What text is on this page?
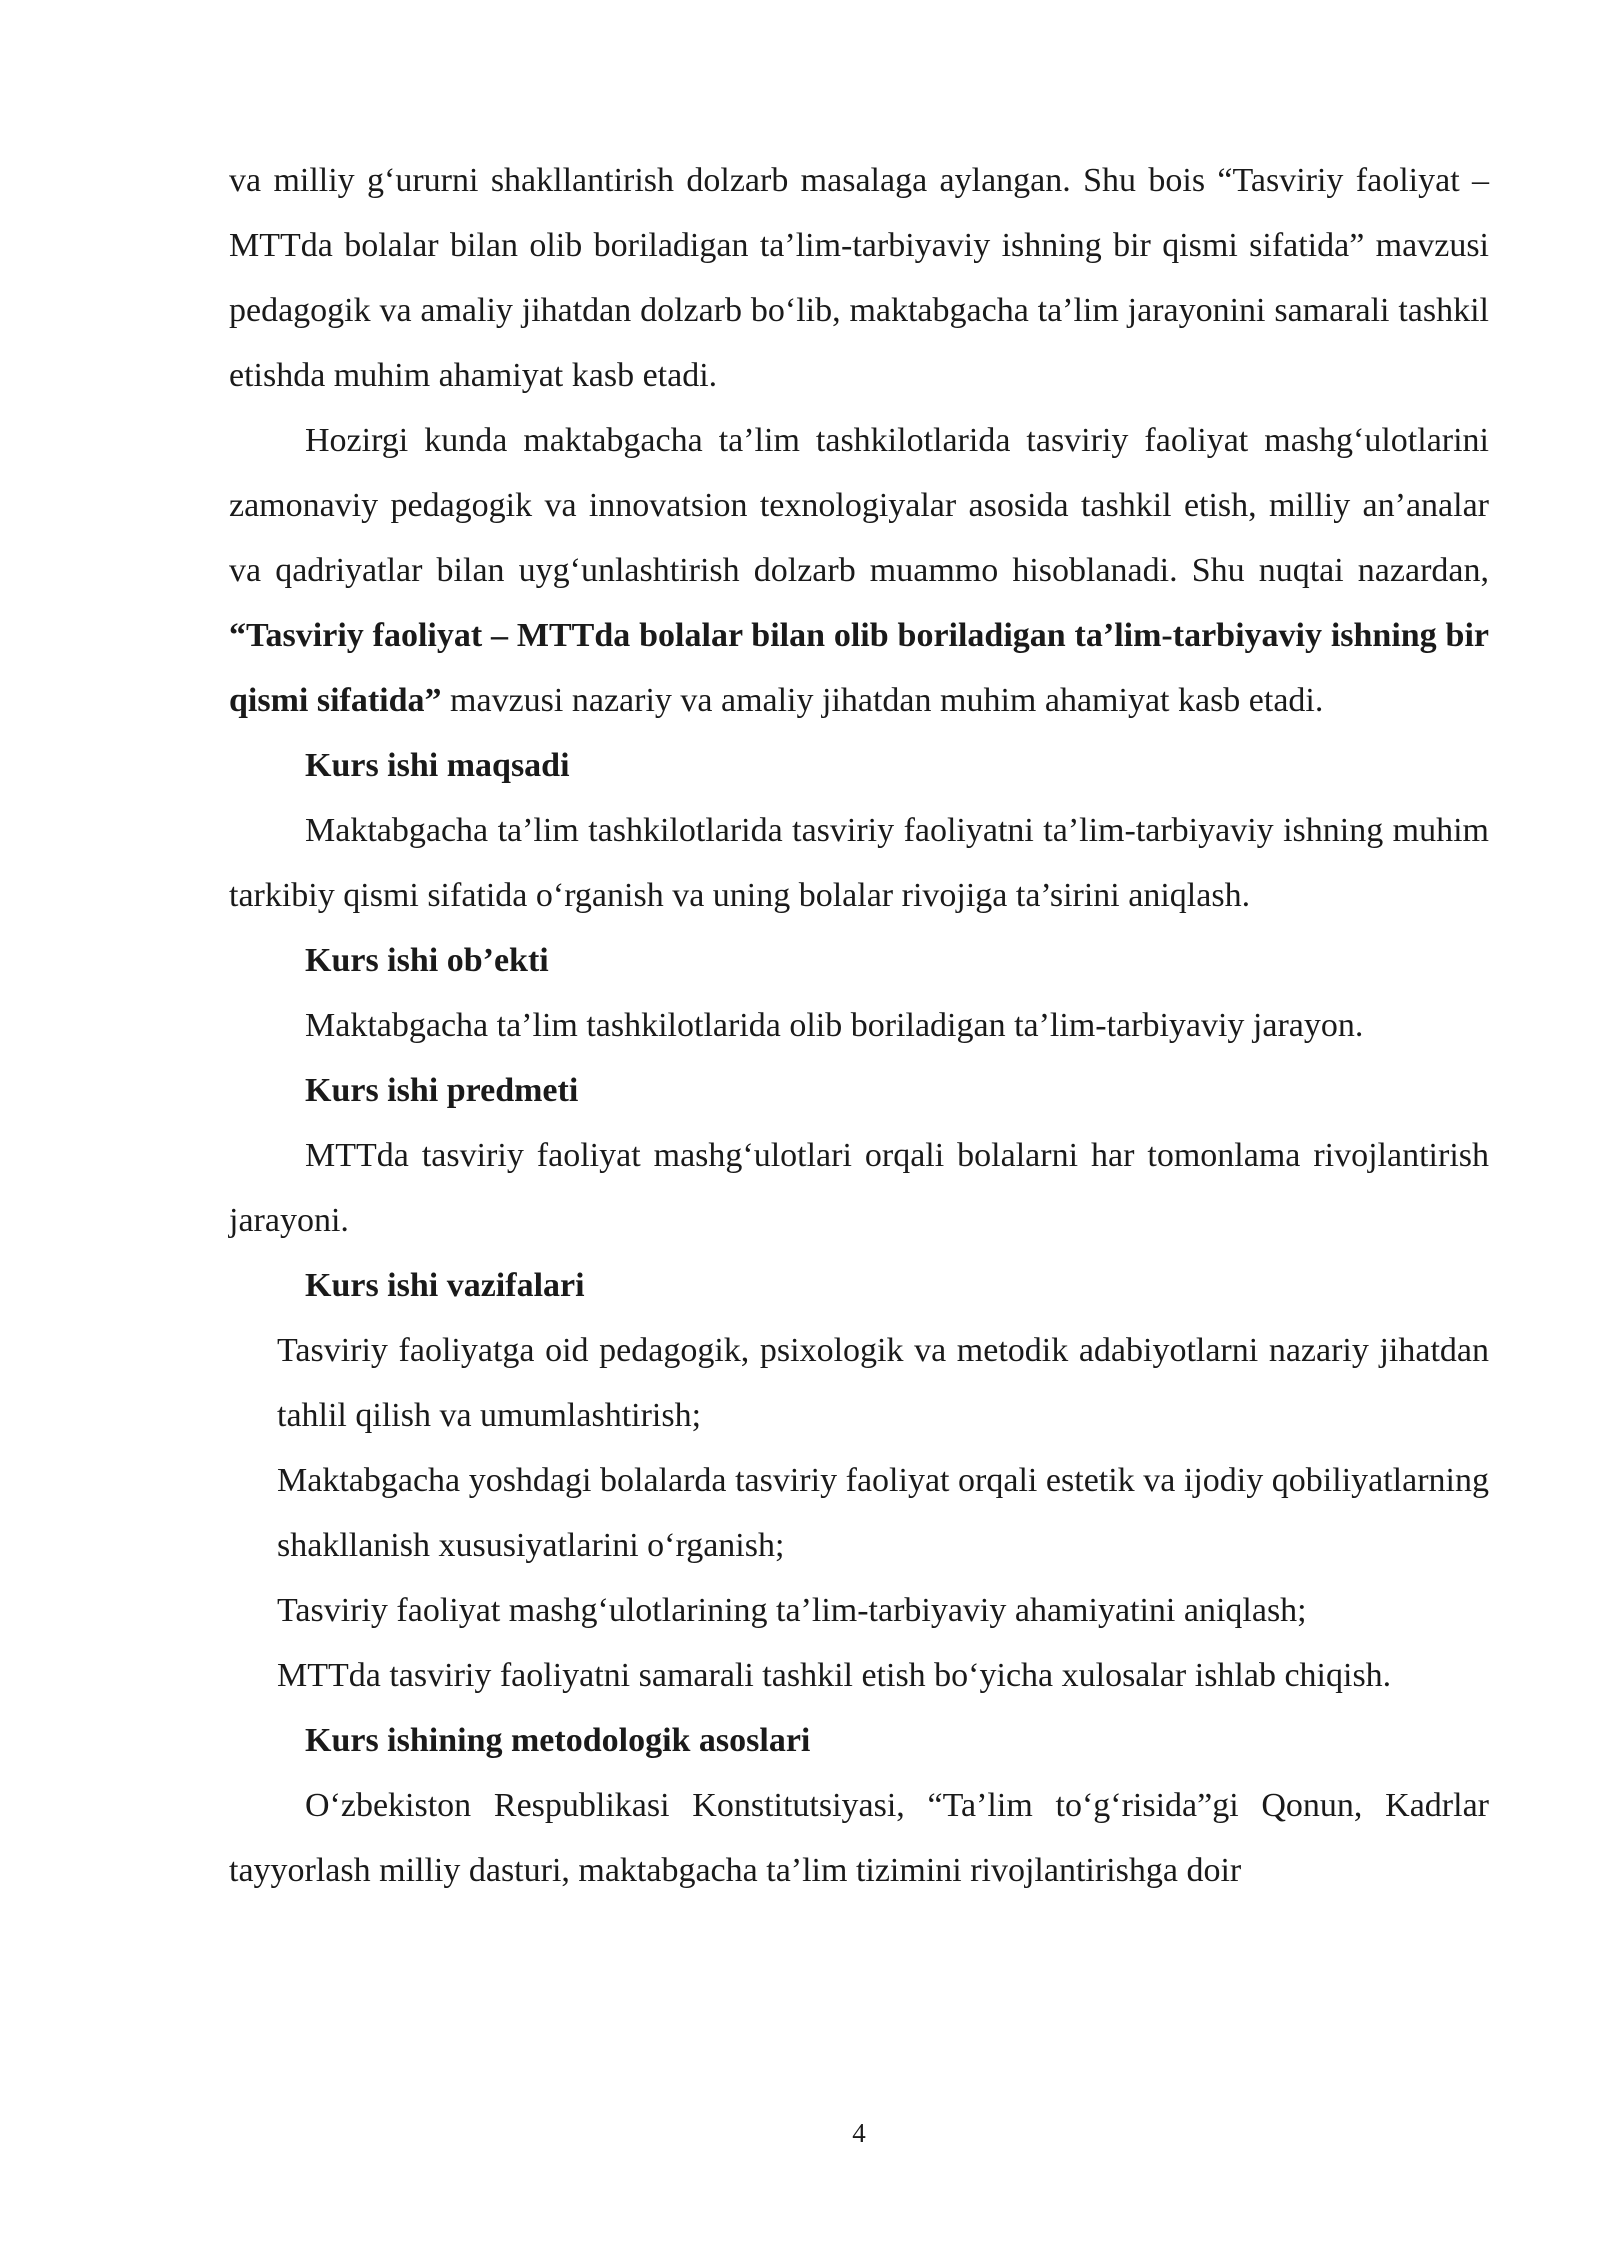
va milliy g‘ururni shakllantirish dolzarb masalaga aylangan. Shu bois “Tasviriy faoliyat – MTTda bolalar bilan olib boriladigan ta’lim-tarbiyaviy ishning bir qismi sifatida” mavzusi pedagogik va amaliy jihatdan dolzarb bo‘lib, maktabgacha ta’lim jarayonini samarali tashkil etishda muhim ahamiyat kasb etadi.

Hozirgi kunda maktabgacha ta’lim tashkilotlarida tasviriy faoliyat mashg‘ulotlarini zamonaviy pedagogik va innovatsion texnologiyalar asosida tashkil etish, milliy an’analar va qadriyatlar bilan uyg‘unlashtirish dolzarb muammo hisoblanadi. Shu nuqtai nazardan, “Tasviriy faoliyat – MTTda bolalar bilan olib boriladigan ta’lim-tarbiyaviy ishning bir qismi sifatida” mavzusi nazariy va amaliy jihatdan muhim ahamiyat kasb etadi.

Kurs ishi maqsadi

Maktabgacha ta’lim tashkilotlarida tasviriy faoliyatni ta’lim-tarbiyaviy ishning muhim tarkibiy qismi sifatida o‘rganish va uning bolalar rivojiga ta’sirini aniqlash.

Kurs ishi ob’ekti

Maktabgacha ta’lim tashkilotlarida olib boriladigan ta’lim-tarbiyaviy jarayon.

Kurs ishi predmeti

MTTda tasviriy faoliyat mashg‘ulotlari orqali bolalarni har tomonlama rivojlantirish jarayoni.

Kurs ishi vazifalari

Tasviriy faoliyatga oid pedagogik, psixologik va metodik adabiyotlarni nazariy jihatdan tahlil qilish va umumlashtirish;

Maktabgacha yoshdagi bolalarda tasviriy faoliyat orqali estetik va ijodiy qobiliyatlarning shakllanish xususiyatlarini o‘rganish;

Tasviriy faoliyat mashg‘ulotlarining ta’lim-tarbiyaviy ahamiyatini aniqlash;

MTTda tasviriy faoliyatni samarali tashkil etish bo‘yicha xulosalar ishlab chiqish.

Kurs ishining metodologik asoslari

O‘zbekiston Respublikasi Konstitutsiyasi, “Ta’lim to‘g‘risida”gi Qonun, Kadrlar tayyorlash milliy dasturi, maktabgacha ta’lim tizimini rivojlantirishga doir

4
